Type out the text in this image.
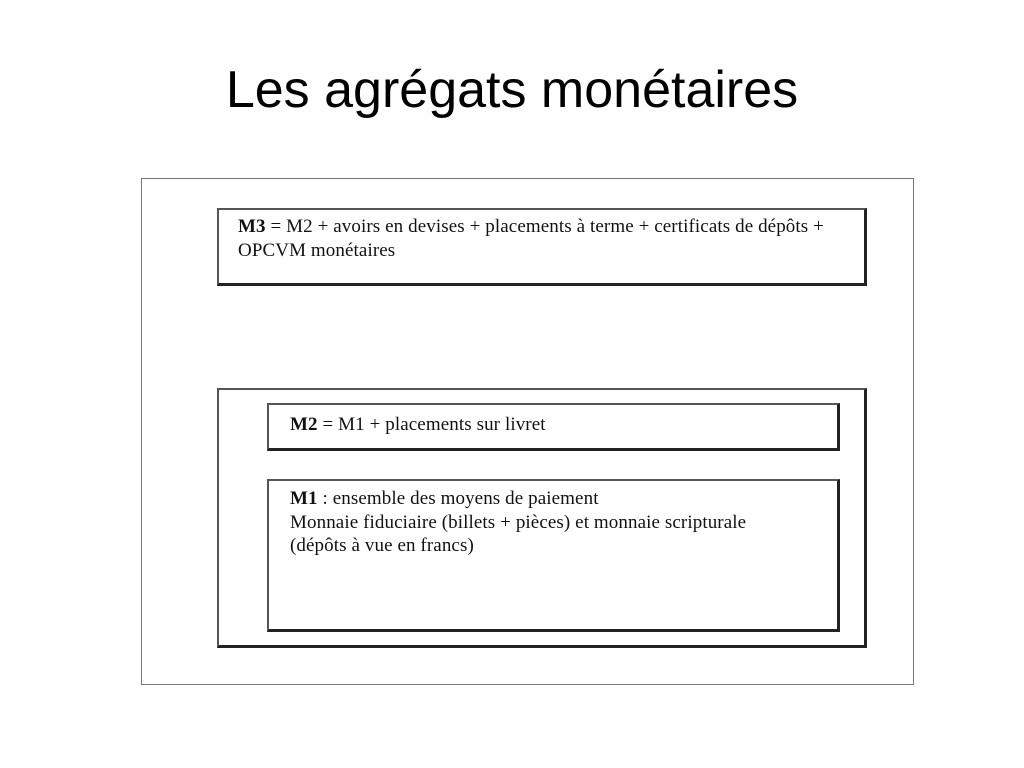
Les agrégats monétaires
M3 = M2 + avoirs en devises + placements à terme + certificats de dépôts + OPCVM monétaires
M2 = M1 + placements sur livret
M1 : ensemble des moyens de paiement
Monnaie fiduciaire (billets + pièces) et monnaie scripturale (dépôts à vue en francs)
